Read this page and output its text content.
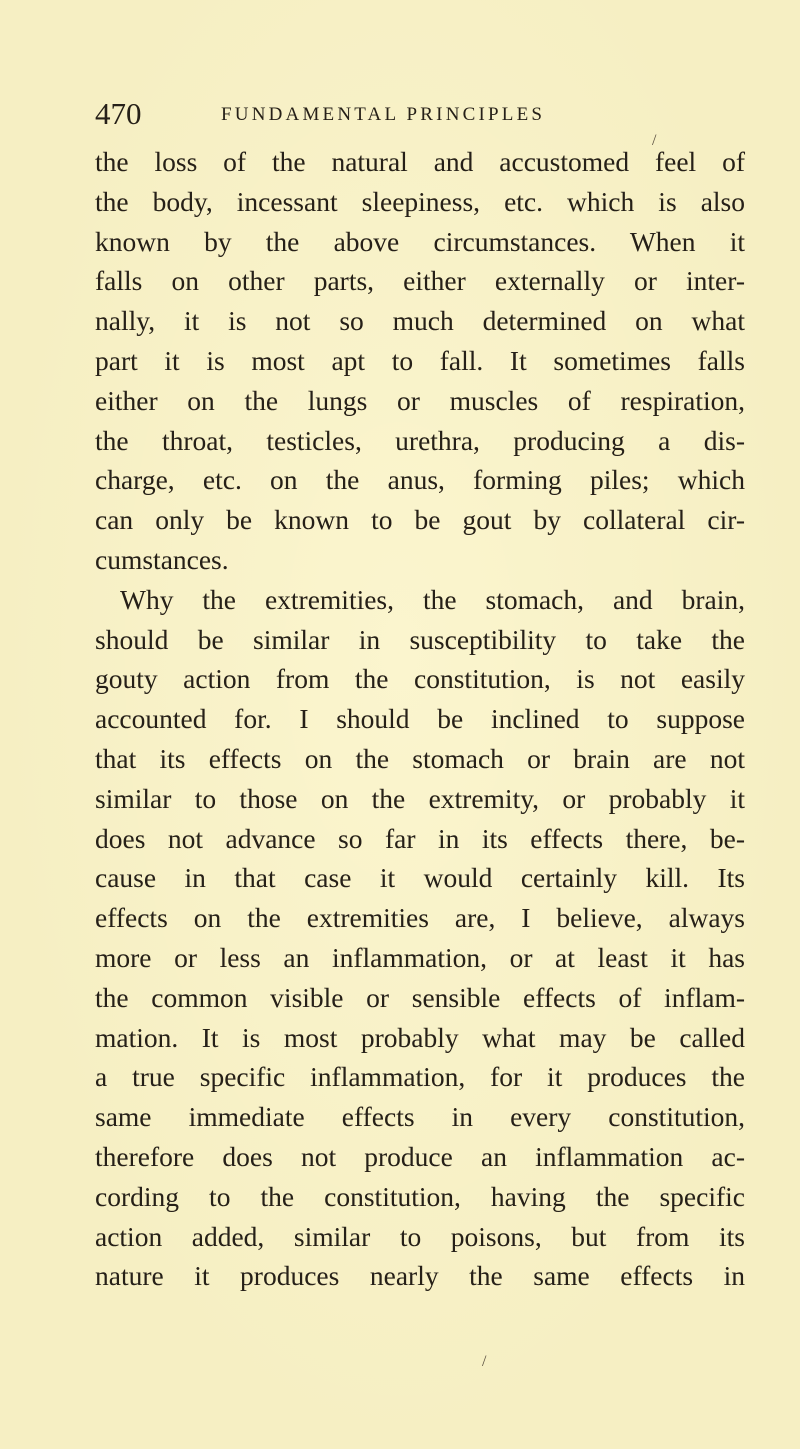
470	FUNDAMENTAL PRINCIPLES
the loss of the natural and accustomed feel of
the body, incessant sleepiness, etc. which is also
known by the above circumstances. When it
falls on other parts, either externally or inter-
nally, it is not so much determined on what
part it is most apt to fall. It sometimes falls
either on the lungs or muscles of respiration,
the throat, testicles, urethra, producing a dis-
charge, etc. on the anus, forming piles; which
can only be known to be gout by collateral cir-
cumstances.
Why the extremities, the stomach, and brain,
should be similar in susceptibility to take the
gouty action from the constitution, is not easily
accounted for. I should be inclined to suppose
that its effects on the stomach or brain are not
similar to those on the extremity, or probably it
does not advance so far in its effects there, be-
cause in that case it would certainly kill. Its
effects on the extremities are, I believe, always
more or less an inflammation, or at least it has
the common visible or sensible effects of inflam-
mation. It is most probably what may be called
a true specific inflammation, for it produces the
same immediate effects in every constitution,
therefore does not produce an inflammation ac-
cording to the constitution, having the specific
action added, similar to poisons, but from its
nature it produces nearly the same effects in
/
/
